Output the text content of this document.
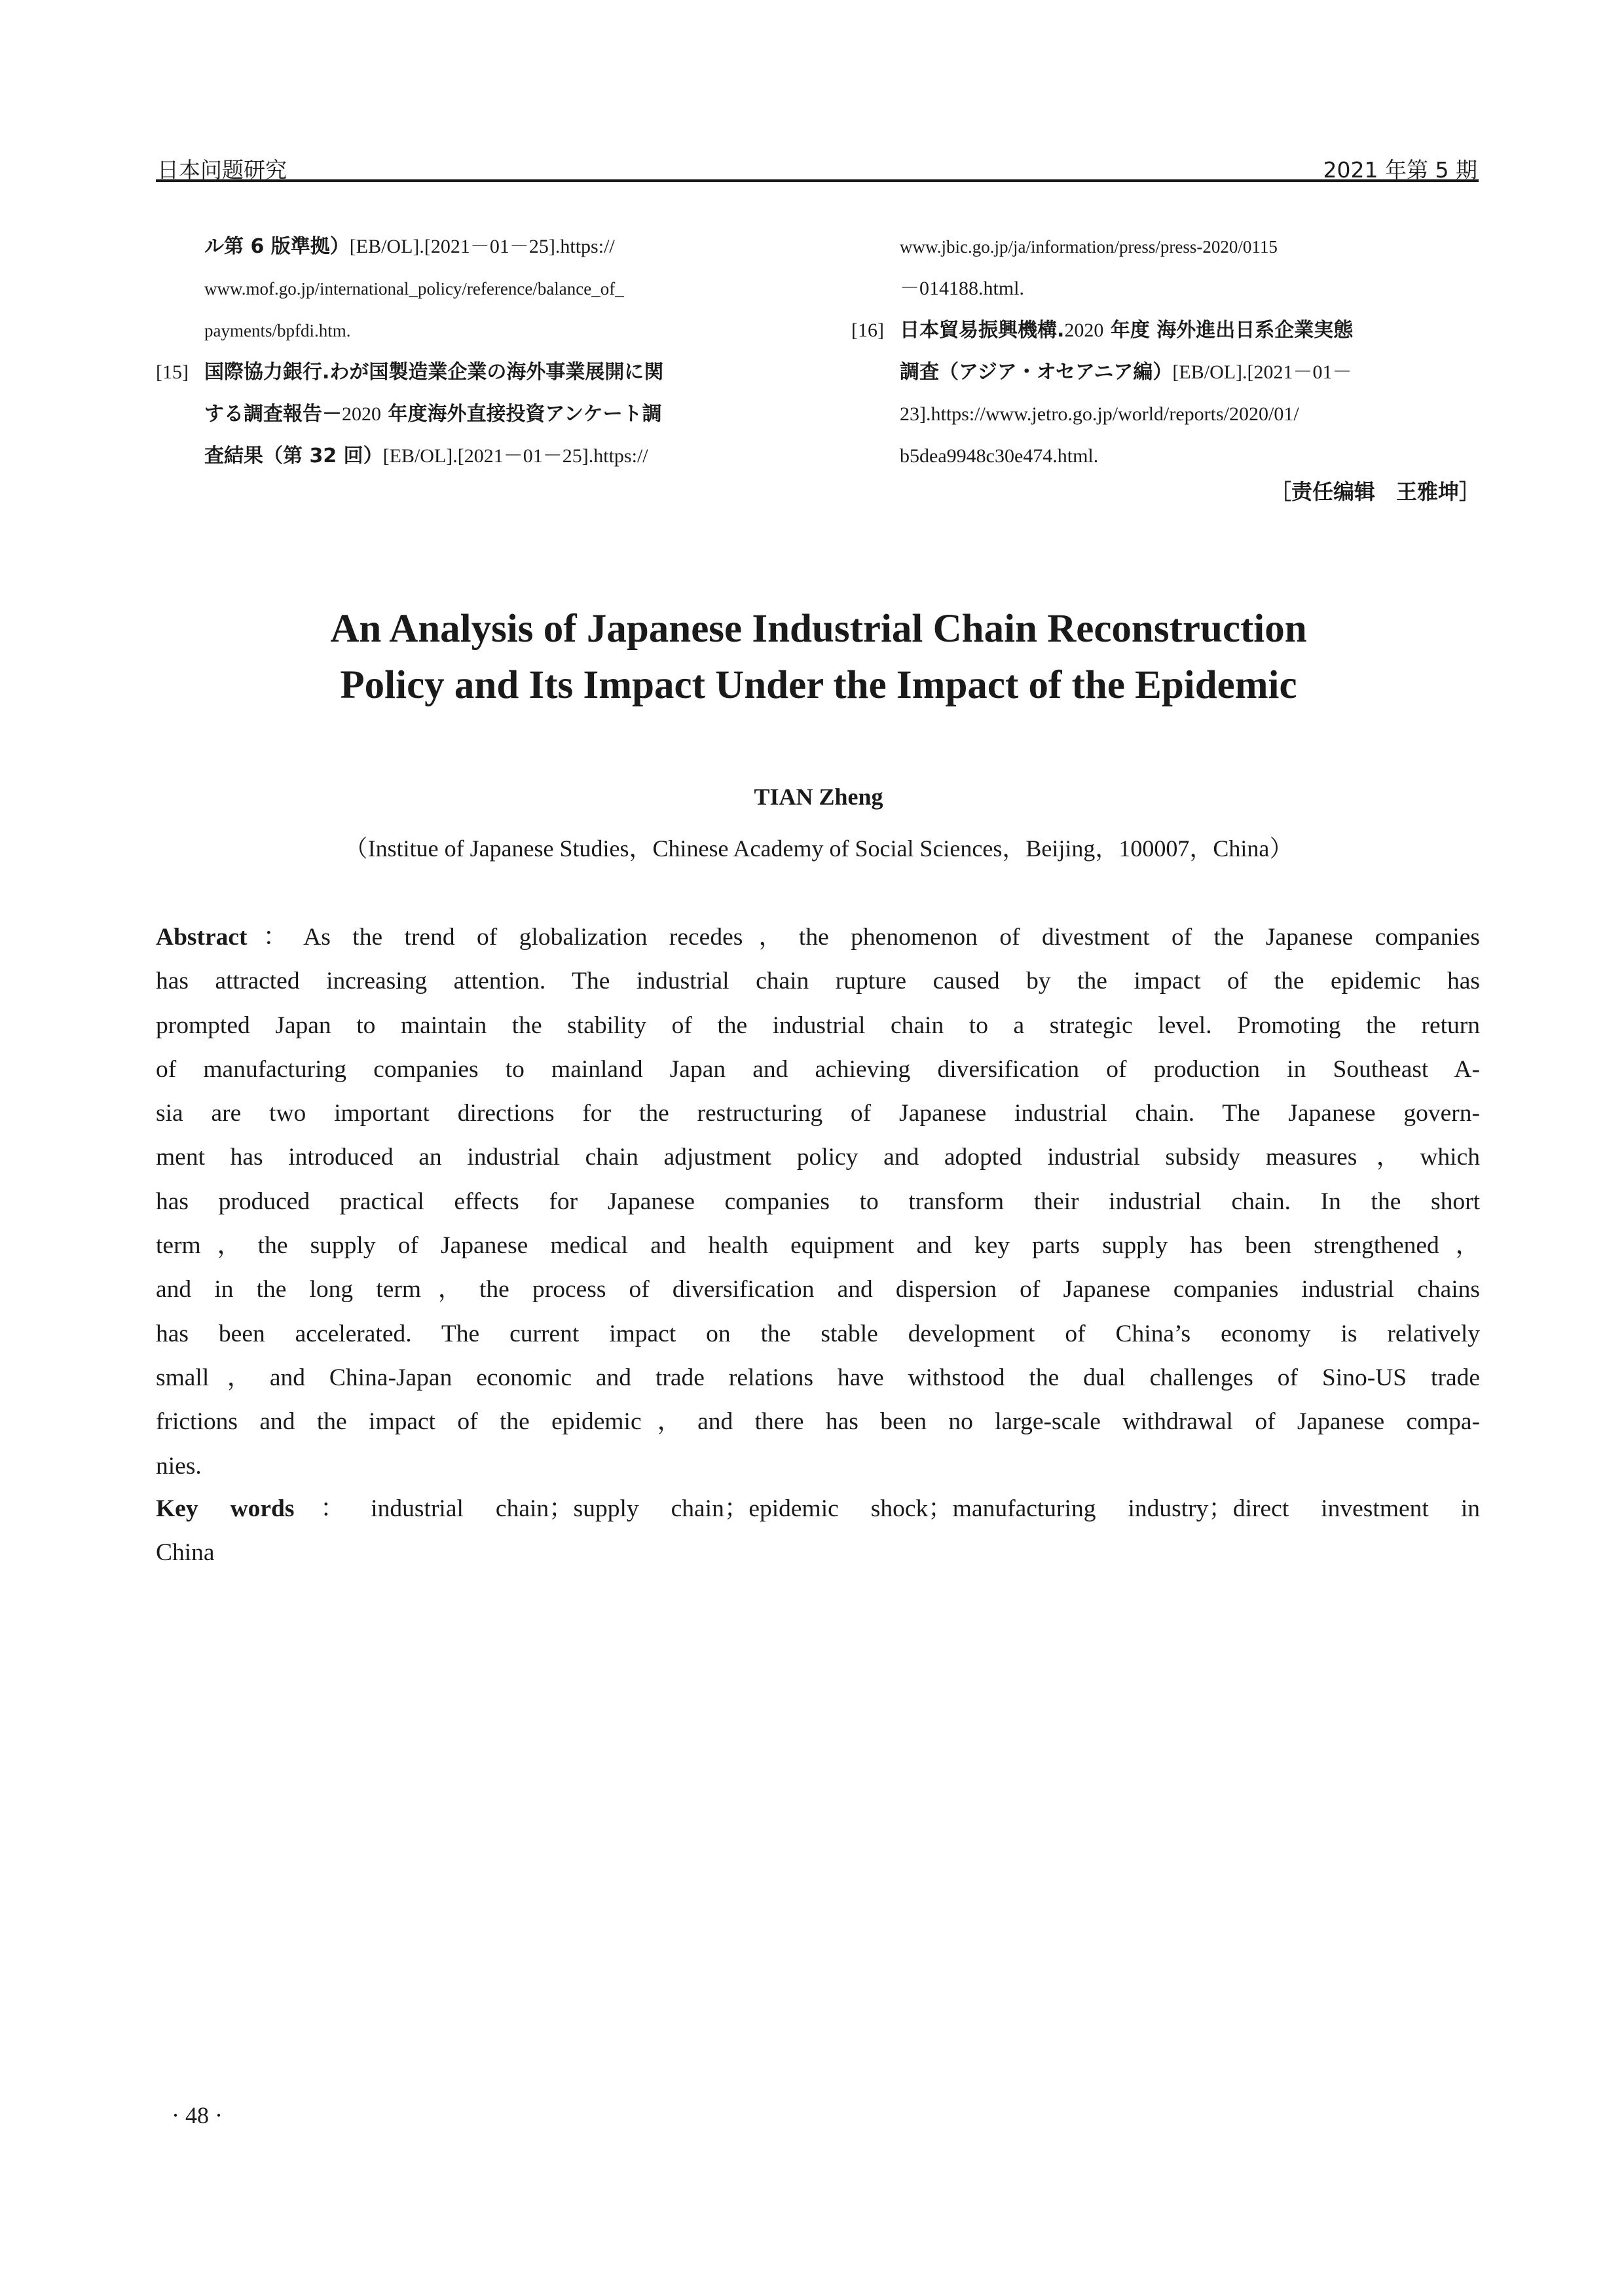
日本问题研究	2021 年第 5 期
ル第 6 版準拠）[EB/OL].[2021－01－25].https://
www.mof.go.jp/international_policy/reference/balance_of_
payments/bpfdi.htm.
[15] 国際協力銀行.わが国製造業企業の海外事業展開に関
する調査報告－2020 年度海外直接投資アンケート調
査結果（第 32 回）[EB/OL].[2021－01－25].https://
www.jbic.go.jp/ja/information/press/press-2020/0115
－014188.html.
[16] 日本貿易振興機構.2020 年度 海外進出日系企業実態
調査（アジア・オセアニア編）[EB/OL].[2021－01－
23].https://www.jetro.go.jp/world/reports/2020/01/
b5dea9948c30e474.html.
［责任编辑　王雅坤］
An Analysis of Japanese Industrial Chain Reconstruction
Policy and Its Impact Under the Impact of the Epidemic
TIAN Zheng
（Institue of Japanese Studies，Chinese Academy of Social Sciences，Beijing，100007，China）
Abstract：As the trend of globalization recedes，the phenomenon of divestment of the Japanese companies
has attracted increasing attention. The industrial chain rupture caused by the impact of the epidemic has
prompted Japan to maintain the stability of the industrial chain to a strategic level. Promoting the return
of manufacturing companies to mainland Japan and achieving diversification of production in Southeast A-
sia are two important directions for the restructuring of Japanese industrial chain. The Japanese govern-
ment has introduced an industrial chain adjustment policy and adopted industrial subsidy measures，which
has produced practical effects for Japanese companies to transform their industrial chain. In the short
term，the supply of Japanese medical and health equipment and key parts supply has been strengthened，
and in the long term，the process of diversification and dispersion of Japanese companies industrial chains
has been accelerated. The current impact on the stable development of China’s economy is relatively
small，and China-Japan economic and trade relations have withstood the dual challenges of Sino-US trade
frictions and the impact of the epidemic，and there has been no large-scale withdrawal of Japanese compa-
nies.
Key words：industrial chain；supply chain；epidemic shock；manufacturing industry；direct investment in
China
· 48 ·
